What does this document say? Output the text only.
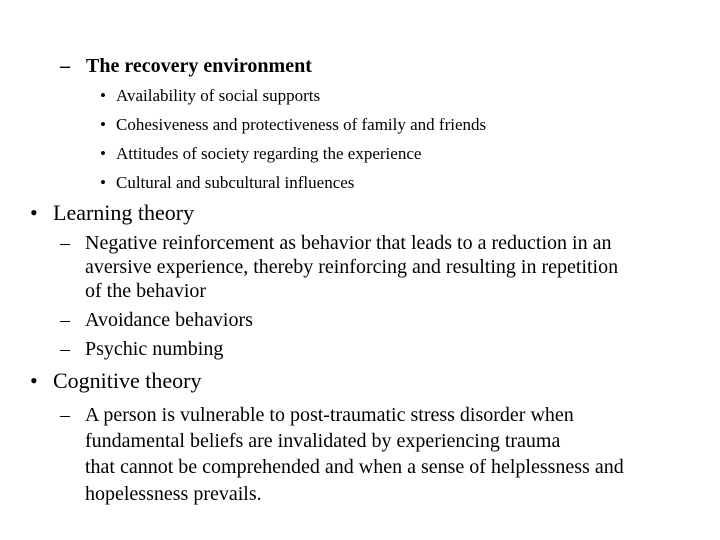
– The recovery environment
• Availability of social supports
• Cohesiveness and protectiveness of family and friends
• Attitudes of society regarding the experience
• Cultural and subcultural influences
• Learning theory
– Negative reinforcement as behavior that leads to a reduction in an
aversive experience, thereby reinforcing and resulting in repetition
of the behavior
– Avoidance behaviors
– Psychic numbing
• Cognitive theory
– A person is vulnerable to post-traumatic stress disorder when
fundamental beliefs are invalidated by experiencing trauma
that cannot be comprehended and when a sense of helplessness and
hopelessness prevails.
